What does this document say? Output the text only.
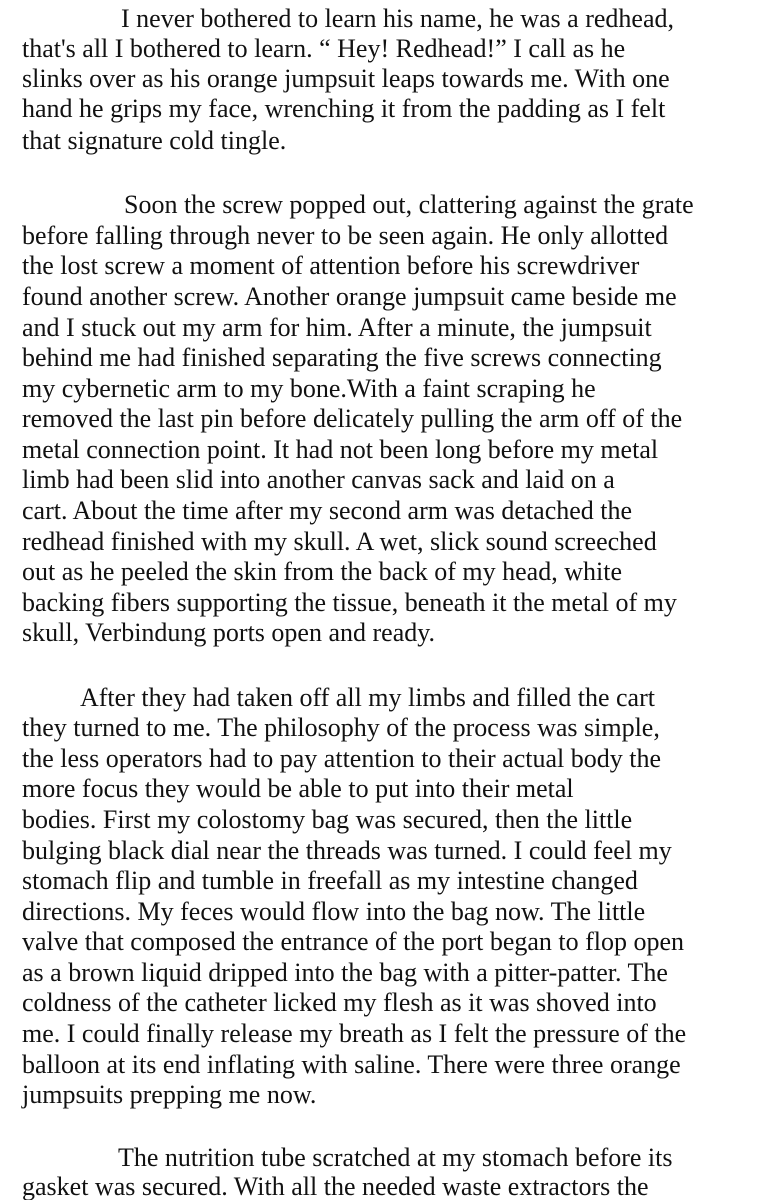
I never bothered to learn his name, he was a redhead,
that's all I bothered to learn. “ Hey! Redhead!” I call as he
slinks over as his orange jumpsuit leaps towards me. With one
hand he grips my face, wrenching it from the padding as I felt
that signature cold tingle.
Soon the screw popped out, clattering against the grate
before falling through never to be seen again. He only allotted
the lost screw a moment of attention before his screwdriver
found another screw. Another orange jumpsuit came beside me
and I stuck out my arm for him. After a minute, the jumpsuit
behind me had finished separating the five screws connecting
my cybernetic arm to my bone.With a faint scraping he
removed the last pin before delicately pulling the arm off of the
metal connection point. It had not been long before my metal
limb had been slid into another canvas sack and laid on a
cart. About the time after my second arm was detached the
redhead finished with my skull. A wet, slick sound screeched
out as he peeled the skin from the back of my head, white
backing fibers supporting the tissue, beneath it the metal of my
skull, Verbindung ports open and ready.
After they had taken off all my limbs and filled the cart
they turned to me. The philosophy of the process was simple,
the less operators had to pay attention to their actual body the
more focus they would be able to put into their metal
bodies. First my colostomy bag was secured, then the little
bulging black dial near the threads was turned. I could feel my
stomach flip and tumble in freefall as my intestine changed
directions. My feces would flow into the bag now. The little
valve that composed the entrance of the port began to flop open
as a brown liquid dripped into the bag with a pitter-patter. The
coldness of the catheter licked my flesh as it was shoved into
me. I could finally release my breath as I felt the pressure of the
balloon at its end inflating with saline. There were three orange
jumpsuits prepping me now.
The nutrition tube scratched at my stomach before its
gasket was secured. With all the needed waste extractors the
